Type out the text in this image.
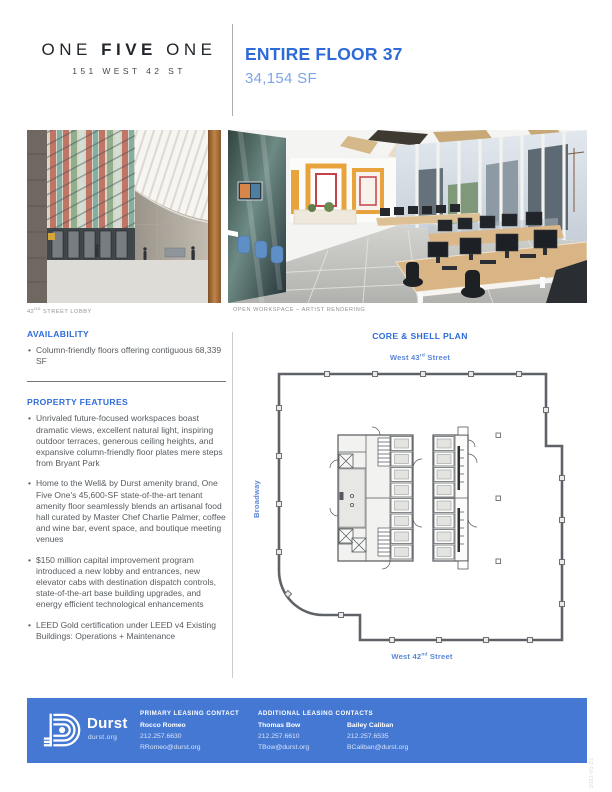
ONE FIVE ONE
151 WEST 42 ST
ENTIRE FLOOR 37
34,154 SF
42ND STREET LOBBY	OPEN WORKSPACE – ARTIST RENDERING
AVAILABILITY
• Column-friendly floors offering contiguous 68,339 SF
PROPERTY FEATURES
• Unrivaled future-focused workspaces boast dramatic views, excellent natural light, inspiring outdoor terraces, generous ceiling heights, and expansive column-friendly floor plates mere steps from Bryant Park
• Home to the Well& by Durst amenity brand, One Five One's 45,600-SF state-of-the-art tenant amenity floor seamlessly blends an artisanal food hall curated by Master Chef Charlie Palmer, coffee and wine bar, event space, and boutique meeting venues
• $150 million capital improvement program introduced a new lobby and entrances, new elevator cabs with destination dispatch controls, state-of-the-art base building upgrades, and energy efficient technological enhancements
• LEED Gold certification under LEED v4 Existing Buildings: Operations + Maintenance
CORE & SHELL PLAN
West 43rd Street
Broadway
West 42nd Street
Durst
durst.org
PRIMARY LEASING CONTACT
Rocco Romeo
212.257.6630
RRomeo@durst.org
ADDITIONAL LEASING CONTACTS
Thomas Bow
212.257.6610
TBow@durst.org
Bailey Caliban
212.257.6535
BCaliban@durst.org
2022-01-22
